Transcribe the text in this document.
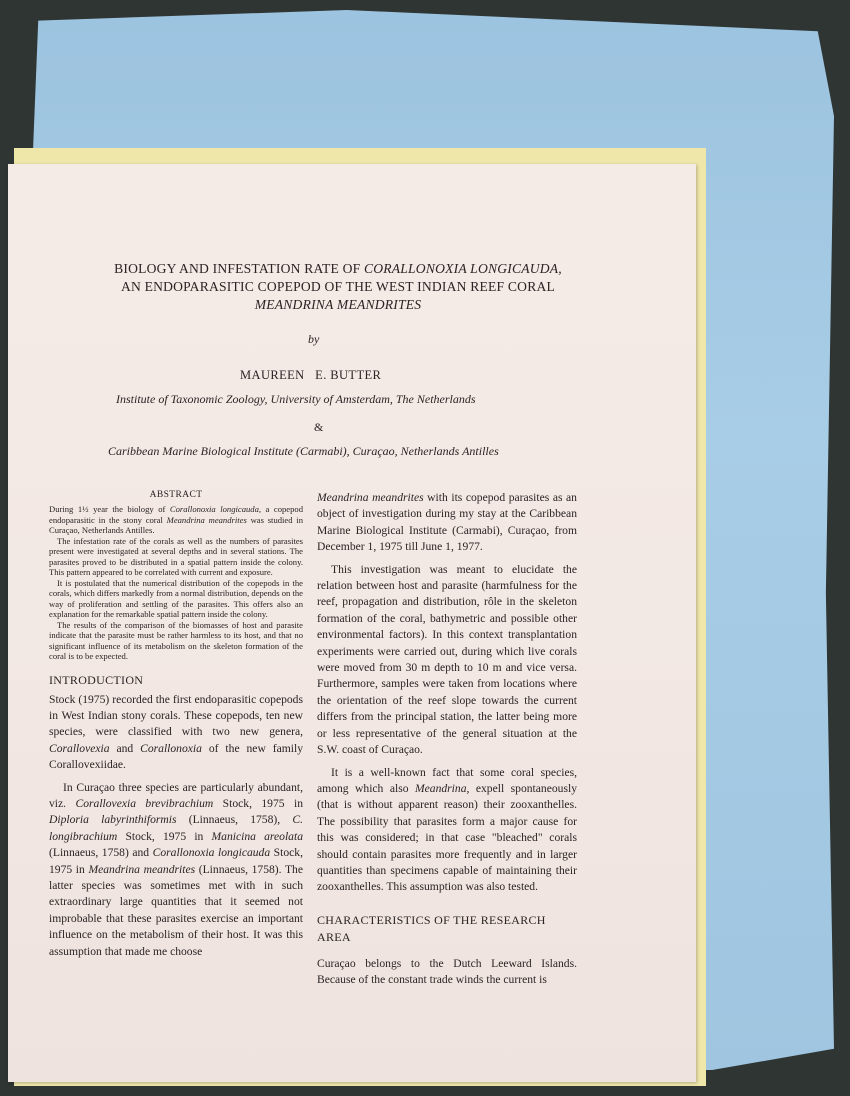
BIOLOGY AND INFESTATION RATE OF CORALLONOXIA LONGICAUDA,
AN ENDOPARASITIC COPEPOD OF THE WEST INDIAN REEF CORAL
MEANDRINA MEANDRITES
by
MAUREEN   E. BUTTER
Institute of Taxonomic Zoology, University of Amsterdam, The Netherlands
&
Caribbean Marine Biological Institute (Carmabi), Curaçao, Netherlands Antilles
ABSTRACT

During 1½ year the biology of Corallonoxia longicauda, a copepod endoparasitic in the stony coral Meandrina meandrites was studied in Curaçao, Netherlands Antilles.

The infestation rate of the corals as well as the numbers of parasites present were investigated at several depths and in several stations. The parasites proved to be distributed in a spatial pattern inside the colony. This pattern appeared to be correlated with current and exposure.

It is postulated that the numerical distribution of the copepods in the corals, which differs markedly from a normal distribution, depends on the way of proliferation and settling of the parasites. This offers also an explanation for the remarkable spatial pattern inside the colony.

The results of the comparison of the biomasses of host and parasite indicate that the parasite must be rather harmless to its host, and that no significant influence of its metabolism on the skeleton formation of the coral is to be expected.

INTRODUCTION

Stock (1975) recorded the first endoparasitic copepods in West Indian stony corals. These copepods, ten new species, were classified with two new genera, Corallovexia and Corallonoxia of the new family Corallovexiidae.

In Curaçao three species are particularly abundant, viz. Corallovexia brevibrachium Stock, 1975 in Diploria labyrinthiformis (Linnaeus, 1758), C. longibrachium Stock, 1975 in Manicina areolata (Linnaeus, 1758) and Corallonoxia longicauda Stock, 1975 in Meandrina meandrites (Linnaeus, 1758). The latter species was sometimes met with in such extraordinary large quantities that it seemed not improbable that these parasites exercise an important influence on the metabolism of their host. It was this assumption that made me choose

Meandrina meandrites with its copepod parasites as an object of investigation during my stay at the Caribbean Marine Biological Institute (Carmabi), Curaçao, from December 1, 1975 till June 1, 1977.

This investigation was meant to elucidate the relation between host and parasite (harmfulness for the reef, propagation and distribution, rôle in the skeleton formation of the coral, bathymetric and possible other environmental factors). In this context transplantation experiments were carried out, during which live corals were moved from 30 m depth to 10 m and vice versa. Furthermore, samples were taken from locations where the orientation of the reef slope towards the current differs from the principal station, the latter being more or less representative of the general situation at the S.W. coast of Curaçao.

It is a well-known fact that some coral species, among which also Meandrina, expell spontaneously (that is without apparent reason) their zooxanthelles. The possibility that parasites form a major cause for this was considered; in that case "bleached" corals should contain parasites more frequently and in larger quantities than specimens capable of maintaining their zooxanthelles. This assumption was also tested.

CHARACTERISTICS OF THE RESEARCH AREA

Curaçao belongs to the Dutch Leeward Islands. Because of the constant trade winds the current is
